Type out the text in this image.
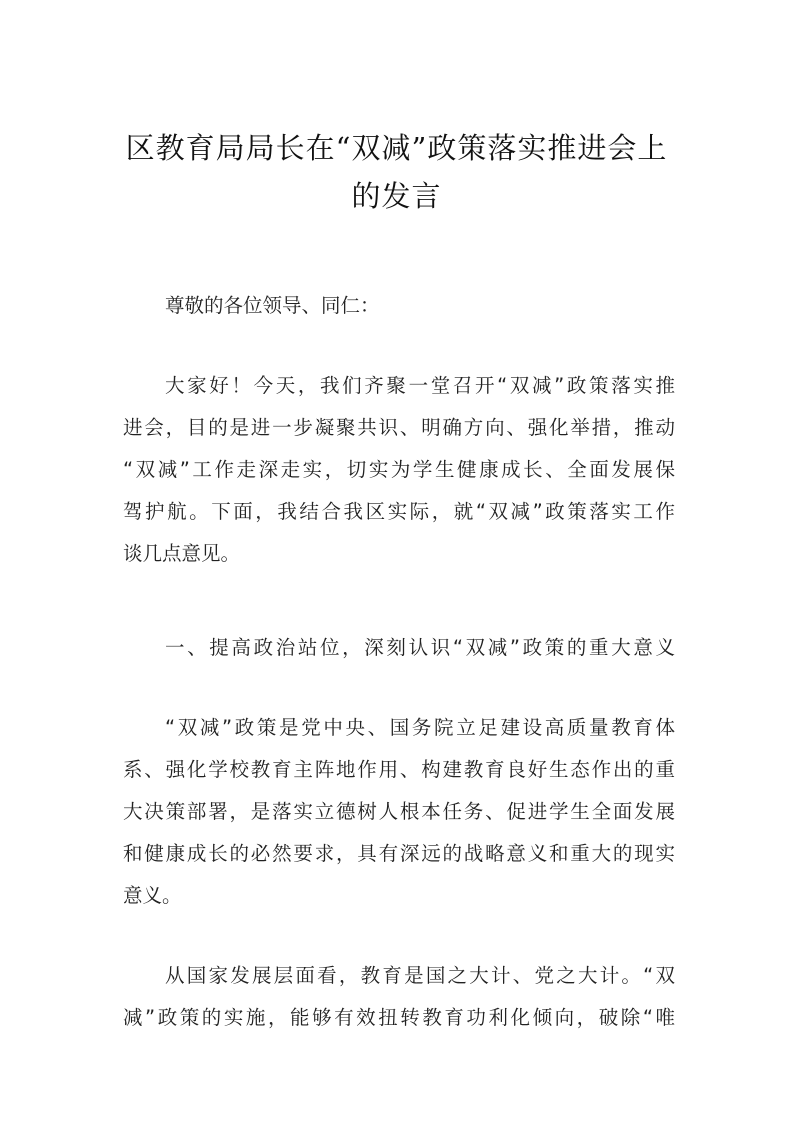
区教育局局长在“双减”政策落实推进会上
的发言
尊敬的各位领导、同仁：
大家好！今天，我们齐聚一堂召开“双减”政策落实推
进会，目的是进一步凝聚共识、明确方向、强化举措，推动
“双减”工作走深走实，切实为学生健康成长、全面发展保
驾护航。下面，我结合我区实际，就“双减”政策落实工作
谈几点意见。
一、提高政治站位，深刻认识“双减”政策的重大意义
“双减”政策是党中央、国务院立足建设高质量教育体
系、强化学校教育主阵地作用、构建教育良好生态作出的重
大决策部署，是落实立德树人根本任务、促进学生全面发展
和健康成长的必然要求，具有深远的战略意义和重大的现实
意义。
从国家发展层面看，教育是国之大计、党之大计。“双
减”政策的实施，能够有效扭转教育功利化倾向，破除“唯
